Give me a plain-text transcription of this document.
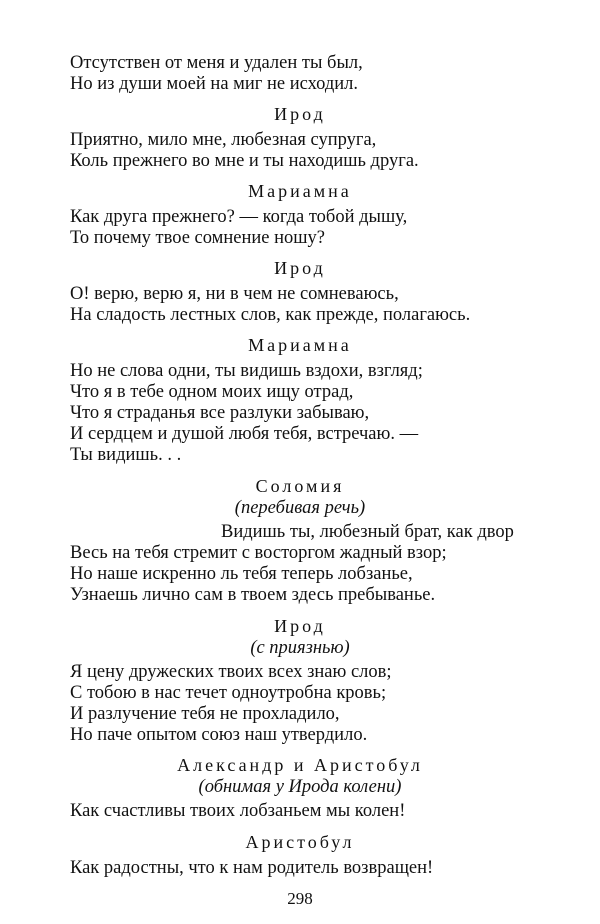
Отсутствен от меня и удален ты был,

Но из души моей на миг не исходил.

Ирод

Приятно, мило мне, любезная супруга,

Коль прежнего во мне и ты находишь друга.

Мариамна

Как друга прежнего? — когда тобой дышу,

То почему твое сомнение ношу?

Ирод

О! верю, верю я, ни в чем не сомневаюсь,

На сладость лестных слов, как прежде, полагаюсь.

Мариамна

Но не слова одни, ты видишь вздохи, взгляд;

Что я в тебе одном моих ищу отрад,

Что я страданья все разлуки забываю,

И сердцем и душой любя тебя, встречаю. —

Ты видишь. . .

Соломия

(перебивая речь)

Видишь ты, любезный брат, как двор

Весь на тебя стремит с восторгом жадный взор;

Но наше искренно ль тебя теперь лобзанье,

Узнаешь лично сам в твоем здесь пребыванье.

Ирод

(с приязнью)

Я цену дружеских твоих всех знаю слов;

С тобою в нас течет одноутробна кровь;

И разлучение тебя не прохладило,

Но паче опытом союз наш утвердило.

Александр и Аристобул

(обнимая у Ирода колени)

Как счастливы твоих лобзаньем мы колен!

Аристобул

Как радостны, что к нам родитель возвращен!

298
